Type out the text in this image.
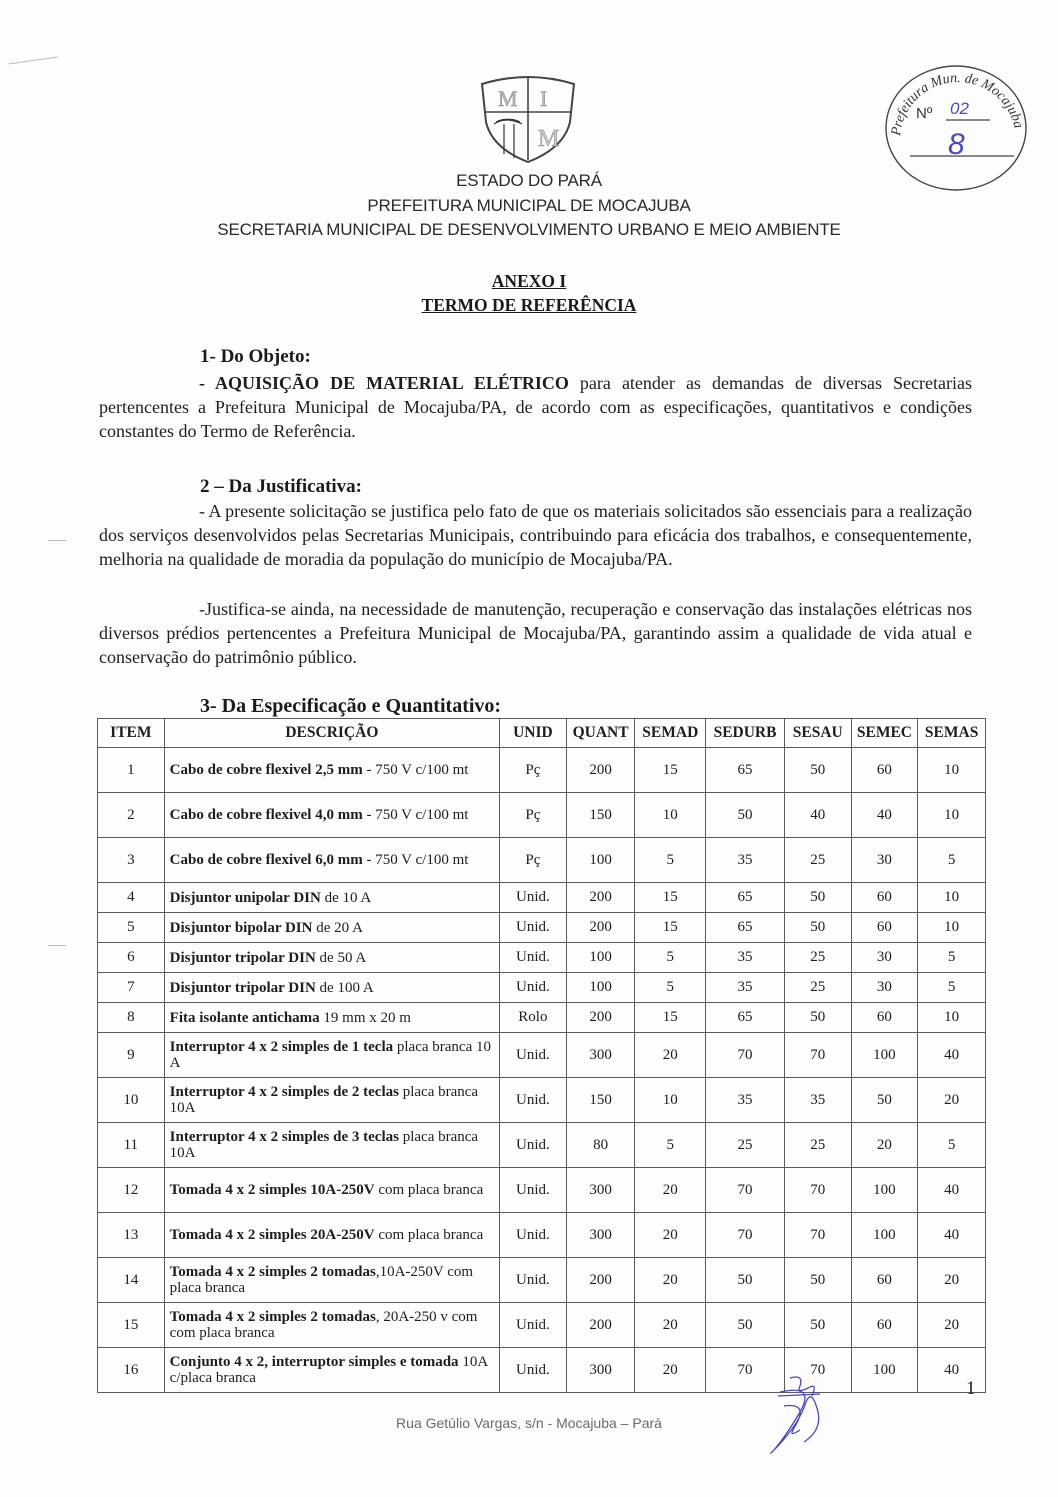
M I
M	Prefeitura Mun. de Mocajuba
Nº 02
8
ESTADO DO PARÁ
PREFEITURA MUNICIPAL DE MOCAJUBA
SECRETARIA MUNICIPAL DE DESENVOLVIMENTO URBANO E MEIO AMBIENTE
ANEXO I
TERMO DE REFERÊNCIA
1- Do Objeto:
- AQUISIÇÃO DE MATERIAL ELÉTRICO para atender as demandas de diversas Secretarias pertencentes a Prefeitura Municipal de Mocajuba/PA, de acordo com as especificações, quantitativos e condições constantes do Termo de Referência.
2 – Da Justificativa:
- A presente solicitação se justifica pelo fato de que os materiais solicitados são essenciais para a realização dos serviços desenvolvidos pelas Secretarias Municipais, contribuindo para eficácia dos trabalhos, e consequentemente, melhoria na qualidade de moradia da população do município de Mocajuba/PA.
-Justifica-se ainda, na necessidade de manutenção, recuperação e conservação das instalações elétricas nos diversos prédios pertencentes a Prefeitura Municipal de Mocajuba/PA, garantindo assim a qualidade de vida atual e conservação do patrimônio público.
3- Da Especificação e Quantitativo:
ITEM	DESCRIÇÃO	UNID	QUANT	SEMAD	SEDURB	SESAU	SEMEC	SEMAS
1	Cabo de cobre flexivel 2,5 mm - 750 V c/100 mt	Pç	200	15	65	50	60	10
2	Cabo de cobre flexivel 4,0 mm - 750 V c/100 mt	Pç	150	10	50	40	40	10
3	Cabo de cobre flexivel 6,0 mm - 750 V c/100 mt	Pç	100	5	35	25	30	5
4	Disjuntor unipolar DIN de 10 A	Unid.	200	15	65	50	60	10
5	Disjuntor bipolar DIN de 20 A	Unid.	200	15	65	50	60	10
6	Disjuntor tripolar DIN de 50 A	Unid.	100	5	35	25	30	5
7	Disjuntor tripolar DIN de 100 A	Unid.	100	5	35	25	30	5
8	Fita isolante antichama 19 mm x 20 m	Rolo	200	15	65	50	60	10
9	Interruptor 4 x 2 simples de 1 tecla placa branca 10 A	Unid.	300	20	70	70	100	40
10	Interruptor 4 x 2 simples de 2 teclas placa branca 10A	Unid.	150	10	35	35	50	20
11	Interruptor 4 x 2 simples de 3 teclas placa branca 10A	Unid.	80	5	25	25	20	5
12	Tomada 4 x 2 simples 10A-250V com placa branca	Unid.	300	20	70	70	100	40
13	Tomada 4 x 2 simples 20A-250V com placa branca	Unid.	300	20	70	70	100	40
14	Tomada 4 x 2 simples 2 tomadas,10A-250V com placa branca	Unid.	200	20	50	50	60	20
15	Tomada 4 x 2 simples 2 tomadas, 20A-250 v com com placa branca	Unid.	200	20	50	50	60	20
16	Conjunto 4 x 2, interruptor simples e tomada 10A c/placa branca	Unid.	300	20	70	70	100	40
1
Rua Getúlio Vargas, s/n - Mocajuba – Pará
